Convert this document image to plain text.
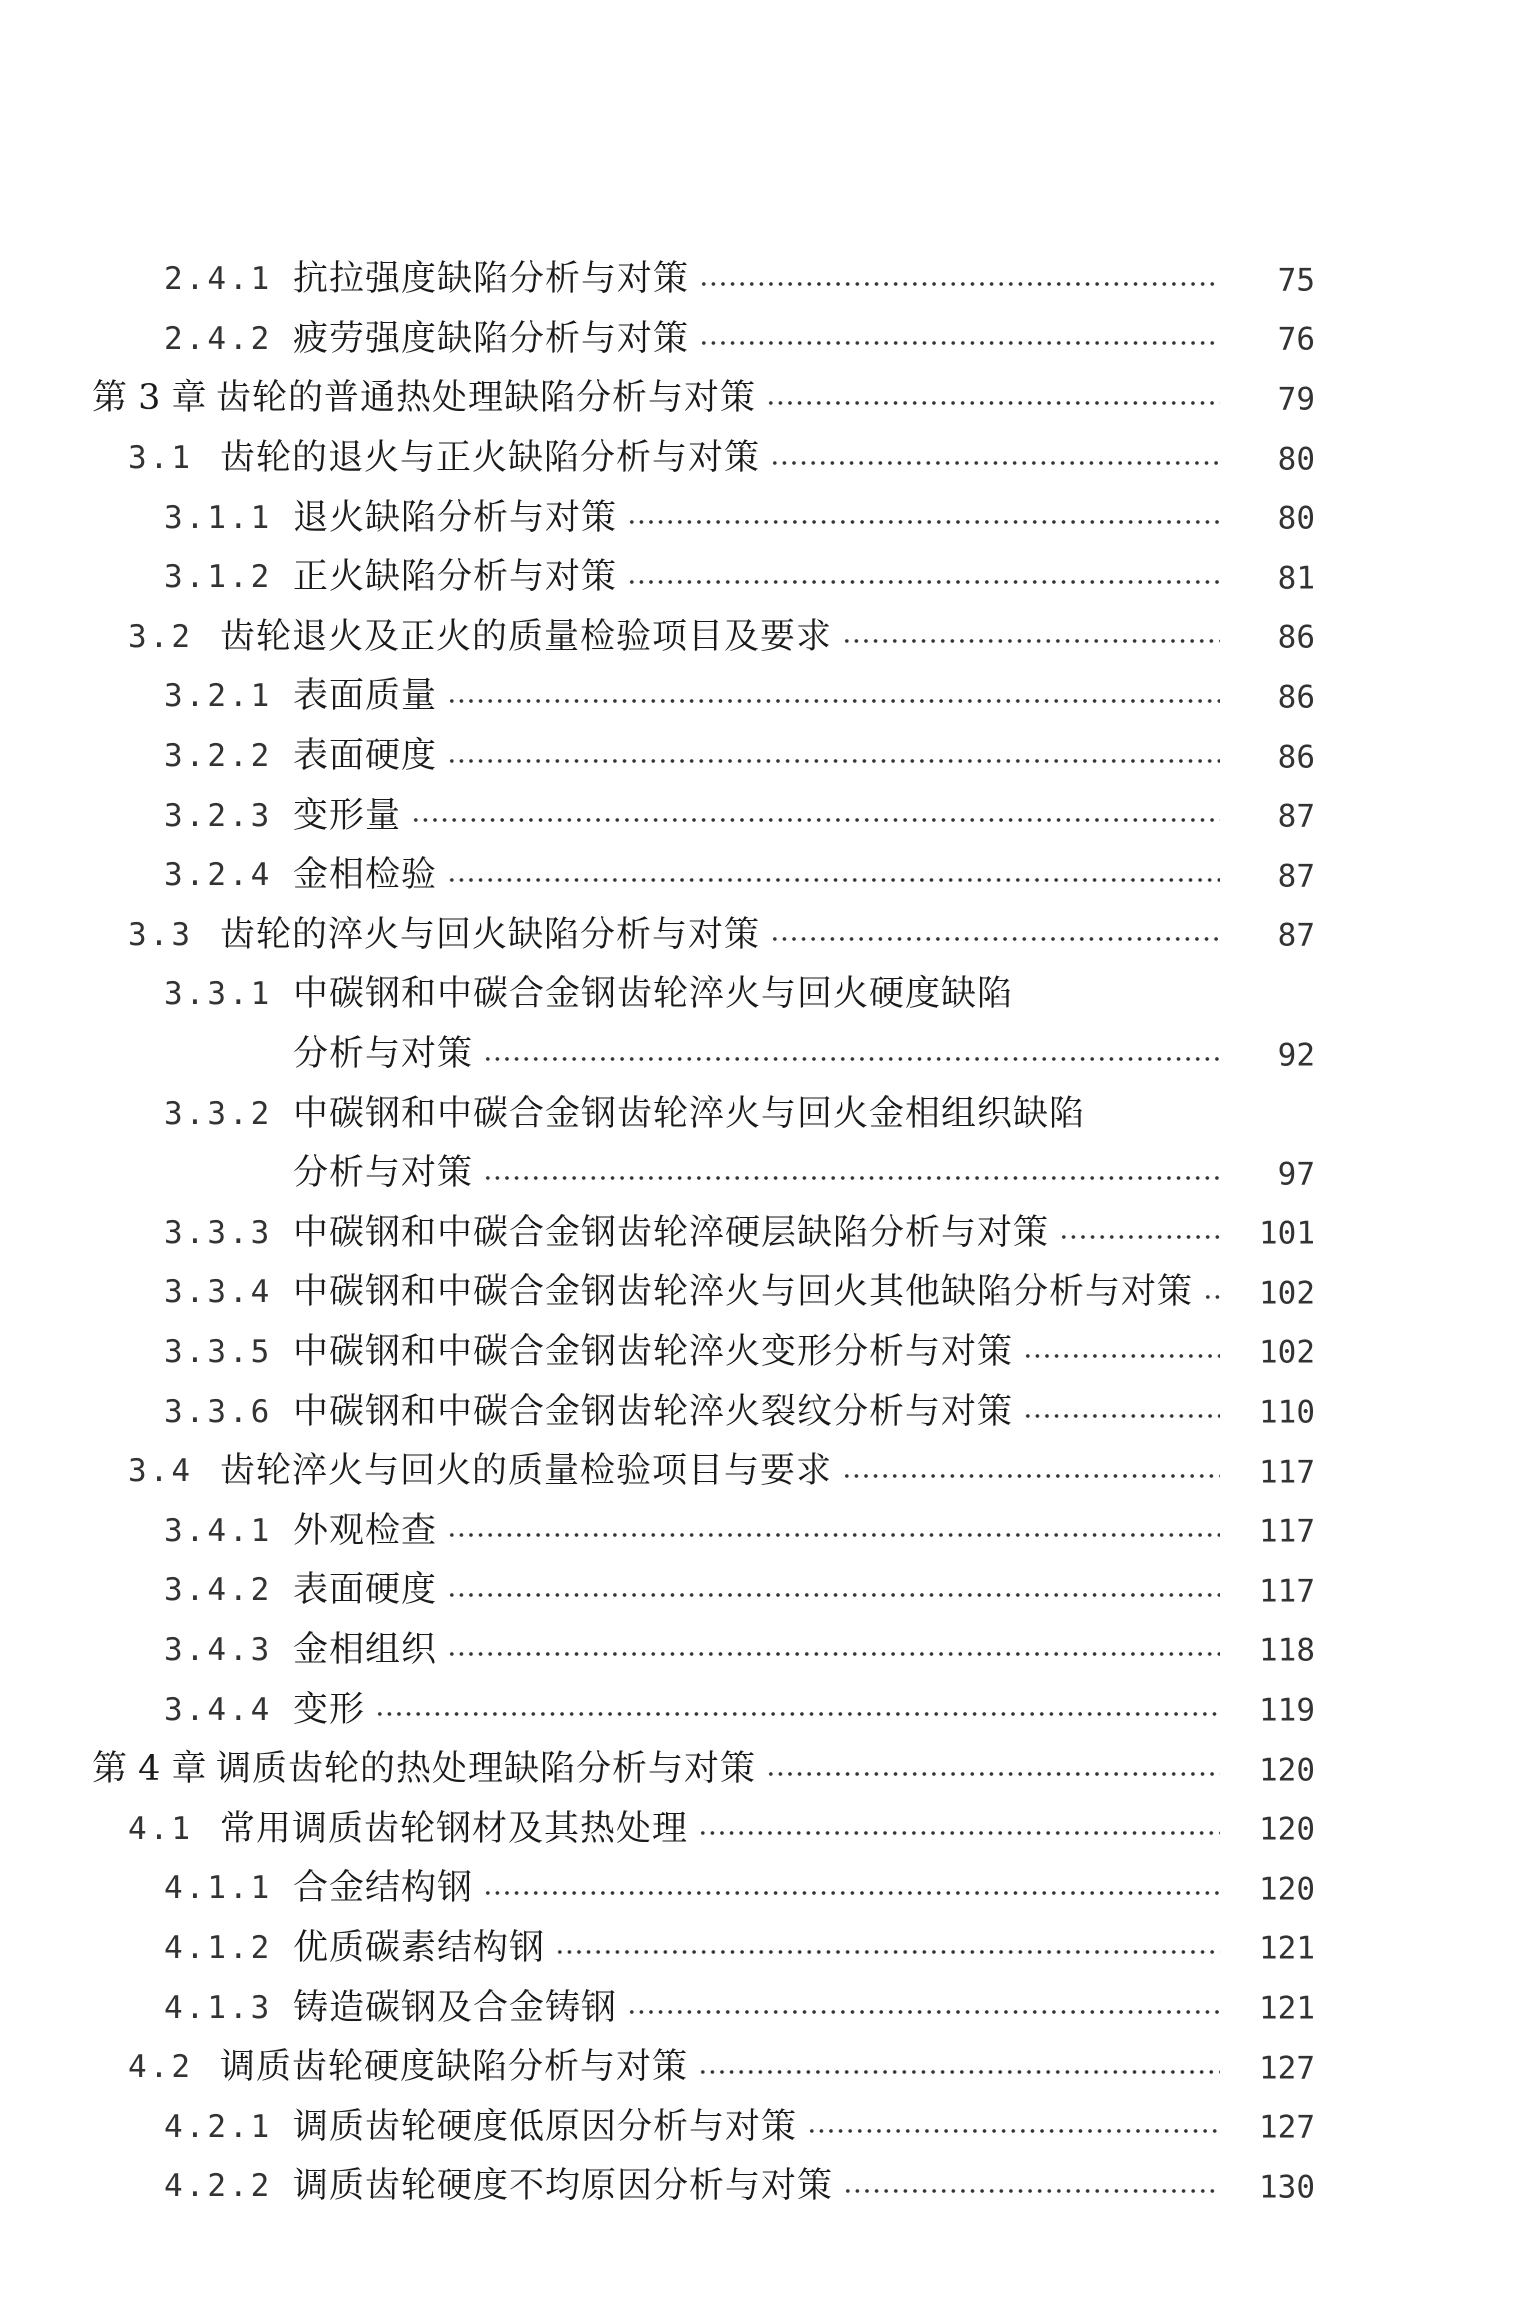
2.4.1 抗拉强度缺陷分析与对策	75
2.4.2 疲劳强度缺陷分析与对策	76
第 3 章 齿轮的普通热处理缺陷分析与对策	79
3.1 齿轮的退火与正火缺陷分析与对策	80
3.1.1 退火缺陷分析与对策	80
3.1.2 正火缺陷分析与对策	81
3.2 齿轮退火及正火的质量检验项目及要求	86
3.2.1 表面质量	86
3.2.2 表面硬度	86
3.2.3 变形量	87
3.2.4 金相检验	87
3.3 齿轮的淬火与回火缺陷分析与对策	87
3.3.1 中碳钢和中碳合金钢齿轮淬火与回火硬度缺陷
分析与对策	92
3.3.2 中碳钢和中碳合金钢齿轮淬火与回火金相组织缺陷
分析与对策	97
3.3.3 中碳钢和中碳合金钢齿轮淬硬层缺陷分析与对策	101
3.3.4 中碳钢和中碳合金钢齿轮淬火与回火其他缺陷分析与对策 102
3.3.5 中碳钢和中碳合金钢齿轮淬火变形分析与对策	102
3.3.6 中碳钢和中碳合金钢齿轮淬火裂纹分析与对策	110
3.4 齿轮淬火与回火的质量检验项目与要求	117
3.4.1 外观检查	117
3.4.2 表面硬度	117
3.4.3 金相组织	118
3.4.4 变形	119
第 4 章 调质齿轮的热处理缺陷分析与对策	120
4.1 常用调质齿轮钢材及其热处理	120
4.1.1 合金结构钢	120
4.1.2 优质碳素结构钢	121
4.1.3 铸造碳钢及合金铸钢	121
4.2 调质齿轮硬度缺陷分析与对策	127
4.2.1 调质齿轮硬度低原因分析与对策	127
4.2.2 调质齿轮硬度不均原因分析与对策	130
